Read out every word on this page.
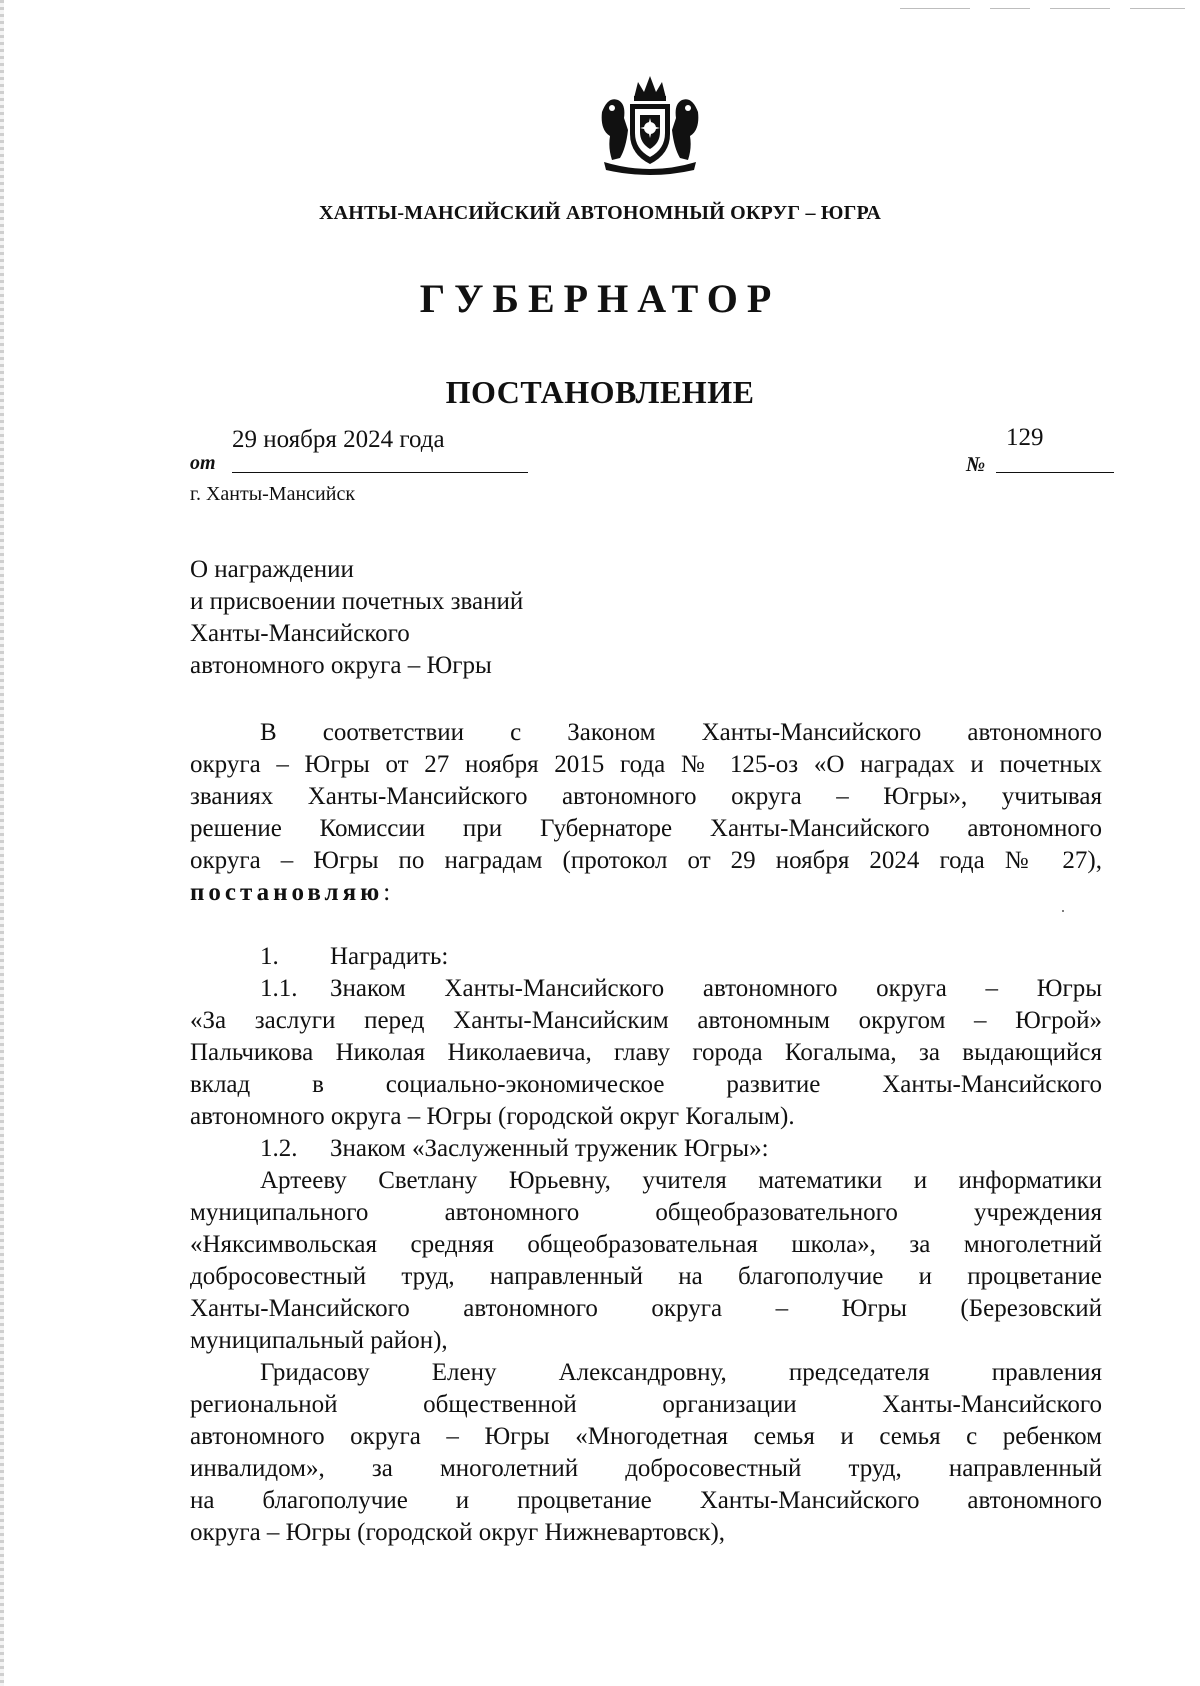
ХАНТЫ-МАНСИЙСКИЙ АВТОНОМНЫЙ ОКРУГ – ЮГРА
ГУБЕРНАТОР
ПОСТАНОВЛЕНИЕ
от
29 ноября 2024 года
№
129
г. Ханты-Мансийск
О награждении
и присвоении почетных званий
Ханты-Мансийского
автономного округа – Югры
В соответствии с Законом Ханты-Мансийского автономного
округа – Югры от 27 ноября 2015 года № 125-оз «О наградах и почетных
званиях Ханты-Мансийского автономного округа – Югры», учитывая
решение Комиссии при Губернаторе Ханты-Мансийского автономного
округа – Югры по наградам (протокол от 29 ноября 2024 года № 27),
постановляю:
1.	Наградить:
1.1. Знаком Ханты-Мансийского автономного округа – Югры
«За заслуги перед Ханты-Мансийским автономным округом – Югрой»
Пальчикова Николая Николаевича, главу города Когалыма, за выдающийся
вклад в социально-экономическое развитие Ханты-Мансийского
автономного округа – Югры (городской округ Когалым).
1.2.	Знаком «Заслуженный труженик Югры»:
Артееву Светлану Юрьевну, учителя математики и информатики
муниципального автономного общеобразовательного учреждения
«Няксимвольская средняя общеобразовательная школа», за многолетний
добросовестный труд, направленный на благополучие и процветание
Ханты-Мансийского автономного округа – Югры (Березовский
муниципальный район),
Гридасову Елену Александровну, председателя правления
региональной общественной организации Ханты-Мансийского
автономного округа – Югры «Многодетная семья и семья с ребенком
инвалидом», за многолетний добросовестный труд, направленный
на благополучие и процветание Ханты-Мансийского автономного
округа – Югры (городской округ Нижневартовск),
